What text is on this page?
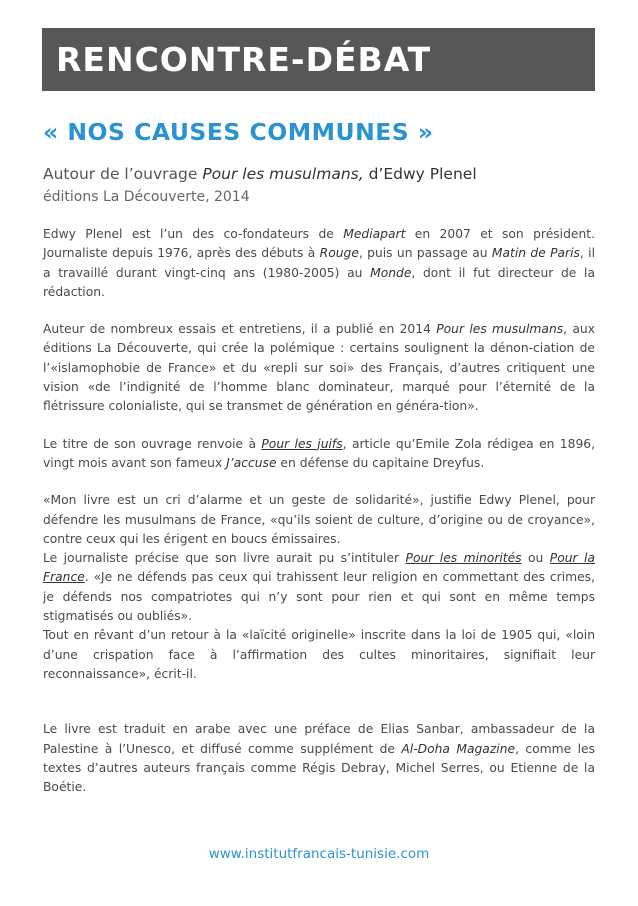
RENCONTRE-DÉBAT
« NOS CAUSES COMMUNES »
Autour de l’ouvrage Pour les musulmans, d’Edwy Plenel
éditions La Découverte, 2014

Edwy Plenel est l’un des co-fondateurs de Mediapart en 2007 et son président. Journaliste depuis 1976, après des débuts à Rouge, puis un passage au Matin de Paris, il a travaillé durant vingt-cinq ans (1980-2005) au Monde, dont il fut directeur de la rédaction.

Auteur de nombreux essais et entretiens, il a publié en 2014 Pour les musulmans, aux éditions La Découverte, qui crée la polémique : certains soulignent la dénon-ciation de l’«islamophobie de France» et du «repli sur soi» des Français, d’autres critiquent une vision «de l’indignité de l’homme blanc dominateur, marqué pour l’éternité de la flétrissure colonialiste, qui se transmet de génération en généra-tion».

Le titre de son ouvrage renvoie à Pour les juifs, article qu’Emile Zola rédigea en 1896, vingt mois avant son fameux J’accuse en défense du capitaine Dreyfus.

«Mon livre est un cri d’alarme et un geste de solidarité», justifie Edwy Plenel, pour défendre les musulmans de France, «qu’ils soient de culture, d’origine ou de croyance», contre ceux qui les érigent en boucs émissaires.

Le journaliste précise que son livre aurait pu s’intituler Pour les minorités ou Pour la France. «Je ne défends pas ceux qui trahissent leur religion en commettant des crimes, je défends nos compatriotes qui n’y sont pour rien et qui sont en même temps stigmatisés ou oubliés».

Tout en rêvant d’un retour à la «laïcité originelle» inscrite dans la loi de 1905 qui, «loin d’une crispation face à l’affirmation des cultes minoritaires, signifiait leur reconnaissance», écrit-il.

Le livre est traduit en arabe avec une préface de Elias Sanbar, ambassadeur de la Palestine à l’Unesco, et diffusé comme supplément de Al-Doha Magazine, comme les textes d’autres auteurs français comme Régis Debray, Michel Serres, ou Etienne de la Boétie.

www.institutfrancais-tunisie.com
